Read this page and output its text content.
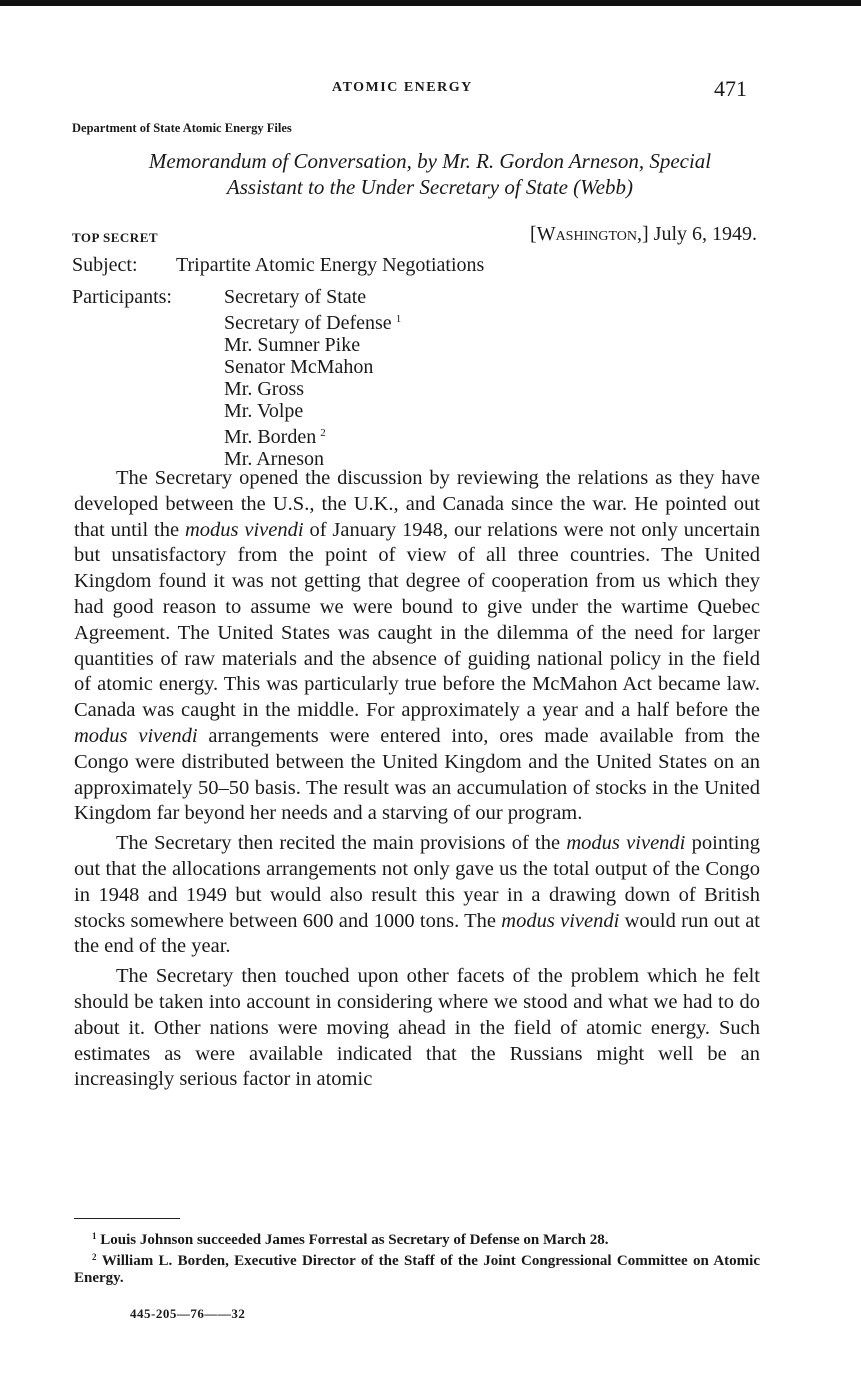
ATOMIC ENERGY	471
Department of State Atomic Energy Files
Memorandum of Conversation, by Mr. R. Gordon Arneson, Special
Assistant to the Under Secretary of State (Webb)
TOP SECRET	[Washington,] July 6, 1949.
Subject: Tripartite Atomic Energy Negotiations
Participants:	Secretary of State
Secretary of Defense $^1$
Mr. Sumner Pike
Senator McMahon
Mr. Gross
Mr. Volpe
Mr. Borden $^2$
Mr. Arneson

The Secretary opened the discussion by reviewing the relations as they have developed between the U.S., the U.K., and Canada since the war. He pointed out that until the modus vivendi of January 1948, our relations were not only uncertain but unsatisfactory from the point of view of all three countries. The United Kingdom found it was not getting that degree of cooperation from us which they had good reason to assume we were bound to give under the wartime Quebec Agreement. The United States was caught in the dilemma of the need for larger quantities of raw materials and the absence of guiding national policy in the field of atomic energy. This was particularly true before the McMahon Act became law. Canada was caught in the middle. For approximately a year and a half before the modus vivendi arrangements were entered into, ores made available from the Congo were distributed between the United Kingdom and the United States on an approximately 50–50 basis. The result was an accumulation of stocks in the United Kingdom far beyond her needs and a starving of our program.

The Secretary then recited the main provisions of the modus vivendi pointing out that the allocations arrangements not only gave us the total output of the Congo in 1948 and 1949 but would also result this year in a drawing down of British stocks somewhere between 600 and 1000 tons. The modus vivendi would run out at the end of the year.

The Secretary then touched upon other facets of the problem which he felt should be taken into account in considering where we stood and what we had to do about it. Other nations were moving ahead in the field of atomic energy. Such estimates as were available indicated that the Russians might well be an increasingly serious factor in atomic

$^1$ Louis Johnson succeeded James Forrestal as Secretary of Defense on March 28.

$^2$ William L. Borden, Executive Director of the Staff of the Joint Congressional Committee on Atomic Energy.

445-205—76——32
